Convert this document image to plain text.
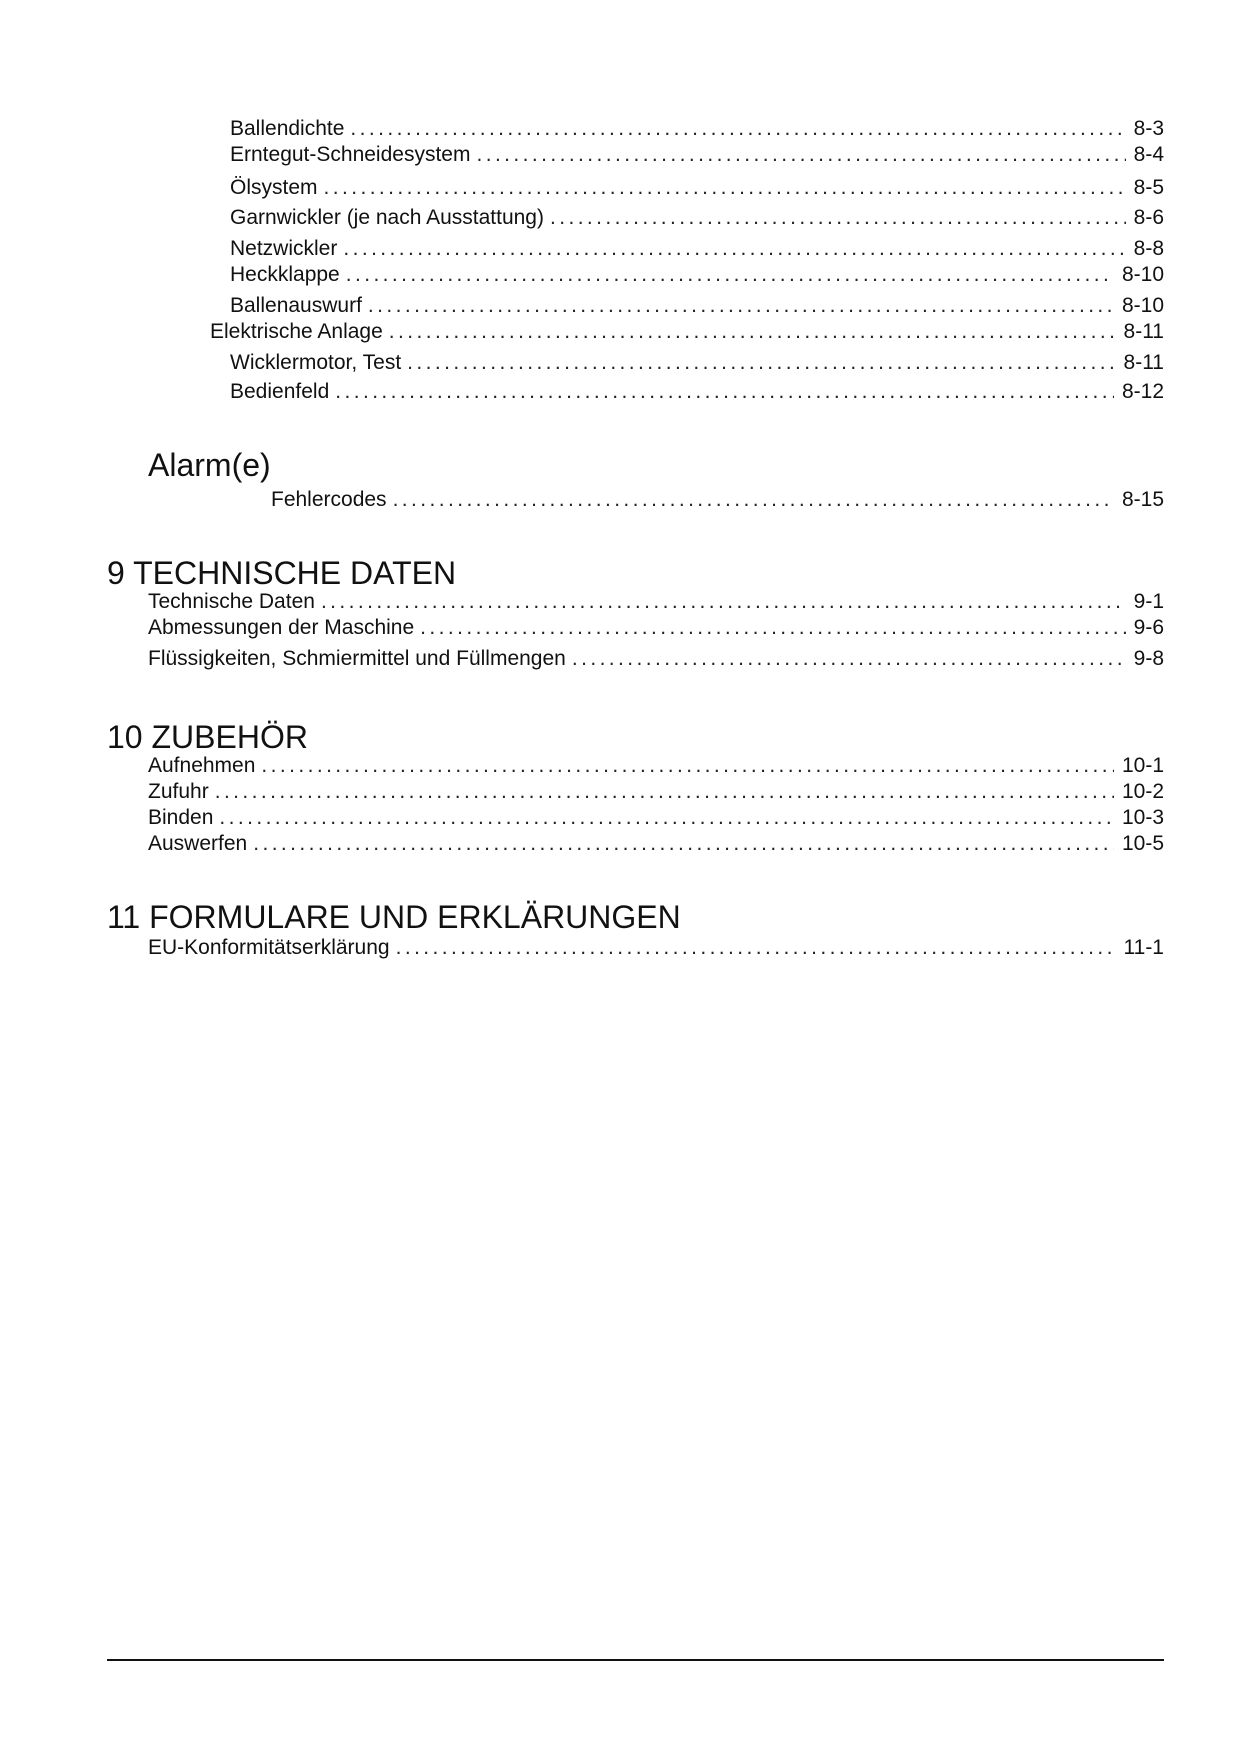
Ballendichte .....	8-3
Erntegut-Schneidesystem .....	8-4
Ölsystem .....	8-5
Garnwickler (je nach Ausstattung) .....	8-6
Netzwickler .....	8-8
Heckklappe .....	8-10
Ballenauswurf .....	8-10
Elektrische Anlage .....	8-11
Wicklermotor, Test .....	8-11
Bedienfeld .....	8-12
Alarm(e)
Fehlercodes .....	8-15
9 TECHNISCHE DATEN
Technische Daten .....	9-1
Abmessungen der Maschine .....	9-6
Flüssigkeiten, Schmiermittel und Füllmengen .....	9-8
10 ZUBEHÖR
Aufnehmen .....	10-1
Zufuhr .....	10-2
Binden .....	10-3
Auswerfen .....	10-5
11 FORMULARE UND ERKLÄRUNGEN
EU-Konformitätserklärung .....	11-1
